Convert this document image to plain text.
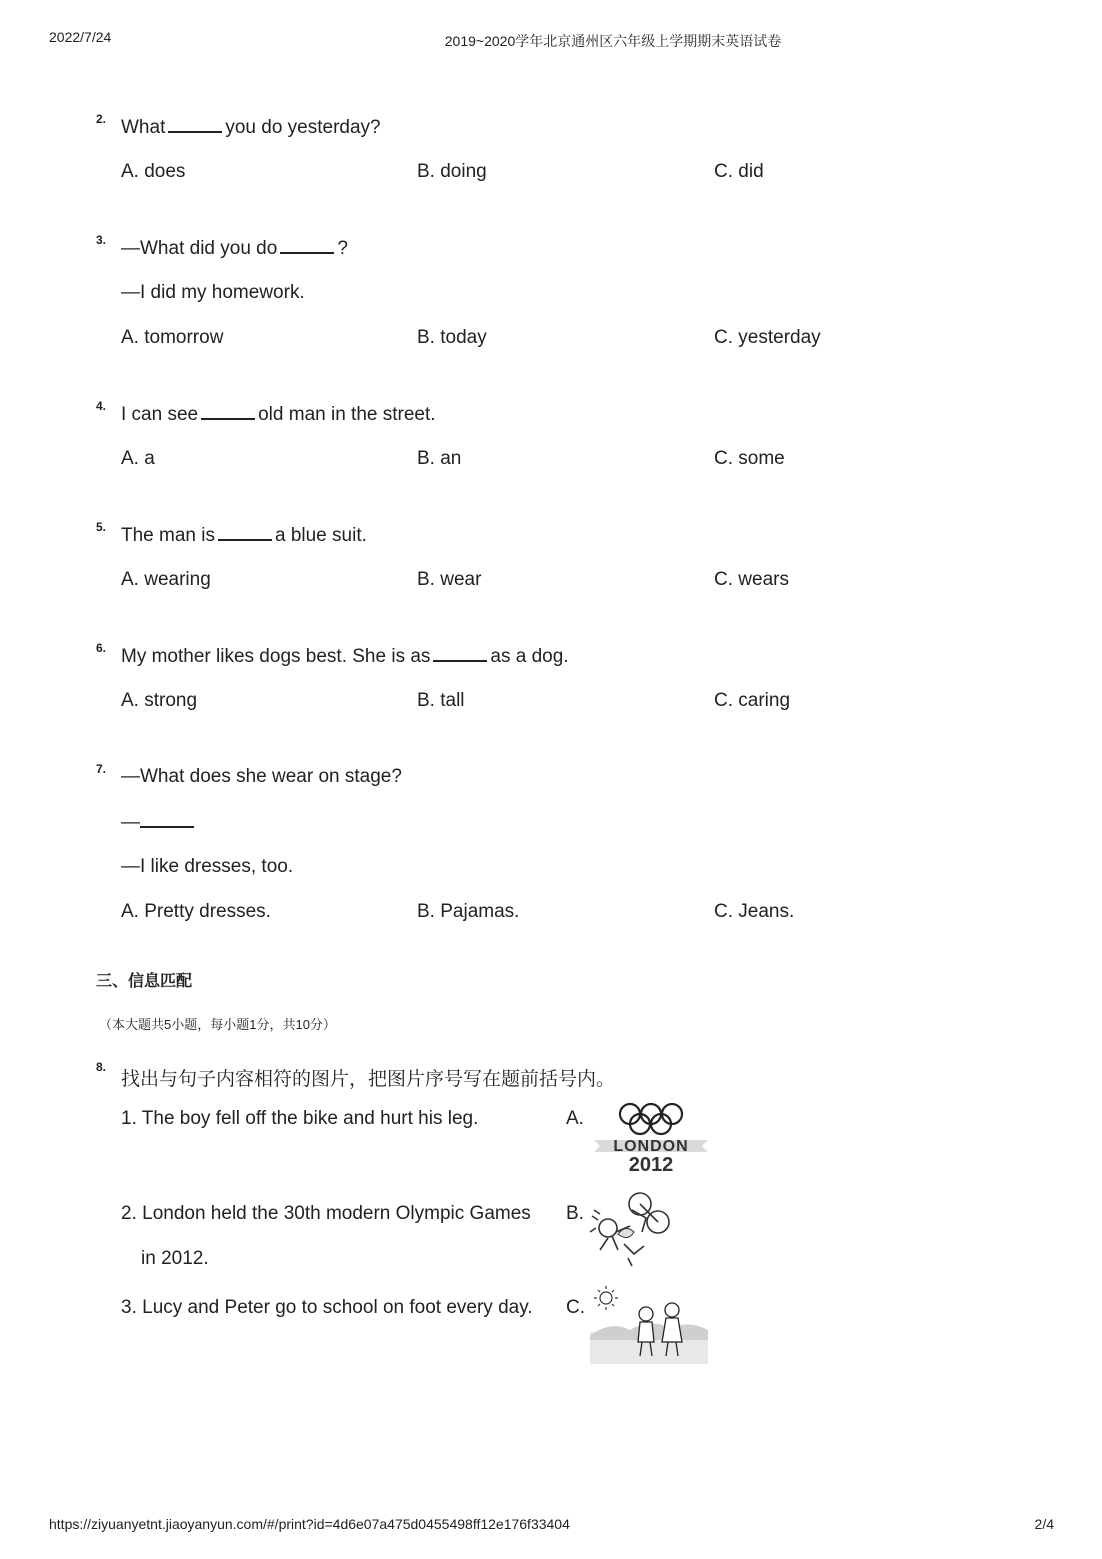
2022/7/24	2019~2020学年北京通州区六年级上学期期末英语试卷
2. What	you do yesterday?
A. does	B. doing	C. did
3. —What did you do	?
—I did my homework.
A. tomorrow	B. today	C. yesterday
4. I can see	old man in the street.
A. a	B. an	C. some
5. The man is	a blue suit.
A. wearing	B. wear	C. wears
6. My mother likes dogs best. She is as	as a dog.
A. strong	B. tall	C. caring
7. —What does she wear on stage?
—
—I like dresses, too.
A. Pretty dresses.	B. Pajamas.	C. Jeans.
三、信息匹配
（本大题共5小题，每小题1分，共10分）
8.
找出与句子内容相符的图片，把图片序号写在题前括号内。
1. The boy fell off the bike and hurt his leg.
2. London held the 30th modern Olympic Games
in 2012.
3. Lucy and Peter go to school on foot every day.
A.
B.
C.
LONDON
2012
https://ziyuanyetnt.jiaoyanyun.com/#/print?id=4d6e07a475d0455498ff12e176f33404	2/4
